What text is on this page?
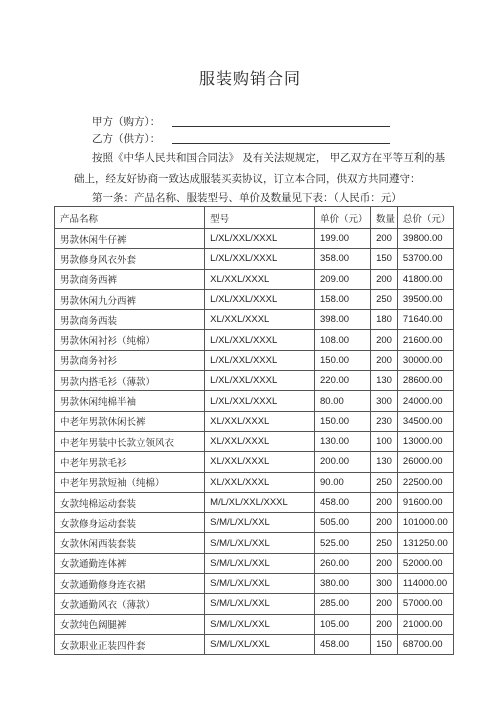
服装购销合同
甲方（购方）：
乙方（供方）：
按照《中华人民共和国合同法》 及有关法规规定， 甲乙双方在平等互利的基
础上，经友好协商一致达成服装买卖协议，订立本合同，供双方共同遵守：
第一条：产品名称、服装型号、单价及数量见下表：（人民币：元）
产品名称	型号	单价（元）	数量	总价（元）
男款休闲牛仔裤	L/XL/XXL/XXXL	199.00	200	39800.00
男款修身风衣外套	L/XL/XXL/XXXL	358.00	150	53700.00
男款商务西裤	XL/XXL/XXXL	209.00	200	41800.00
男款休闲九分西裤	L/XL/XXL/XXXL	158.00	250	39500.00
男款商务西装	XL/XXL/XXXL	398.00	180	71640.00
男款休闲衬衫（纯棉）	L/XL/XXL/XXXL	108.00	200	21600.00
男款商务衬衫	L/XL/XXL/XXXL	150.00	200	30000.00
男款内搭毛衫（薄款）	L/XL/XXL/XXXL	220.00	130	28600.00
男款休闲纯棉半袖	L/XL/XXL/XXXL	80.00	300	24000.00
中老年男款休闲长裤	XL/XXL/XXXL	150.00	230	34500.00
中老年男装中长款立领风衣	XL/XXL/XXXL	130.00	100	13000.00
中老年男款毛衫	XL/XXL/XXXL	200.00	130	26000.00
中老年男款短袖（纯棉）	XL/XXL/XXXL	90.00	250	22500.00
女款纯棉运动套装	M/L/XL/XXL/XXXL	458.00	200	91600.00
女款修身运动套装	S/M/L/XL/XXL	505.00	200	101000.00
女款休闲西装套装	S/M/L/XL/XXL	525.00	250	131250.00
女款通勤连体裤	S/M/L/XL/XXL	260.00	200	52000.00
女款通勤修身连衣裙	S/M/L/XL/XXL	380.00	300	114000.00
女款通勤风衣（薄款）	S/M/L/XL/XXL	285.00	200	57000.00
女款纯色阔腿裤	S/M/L/XL/XXL	105.00	200	21000.00
女款职业正装四件套	S/M/L/XL/XXL	458.00	150	68700.00
